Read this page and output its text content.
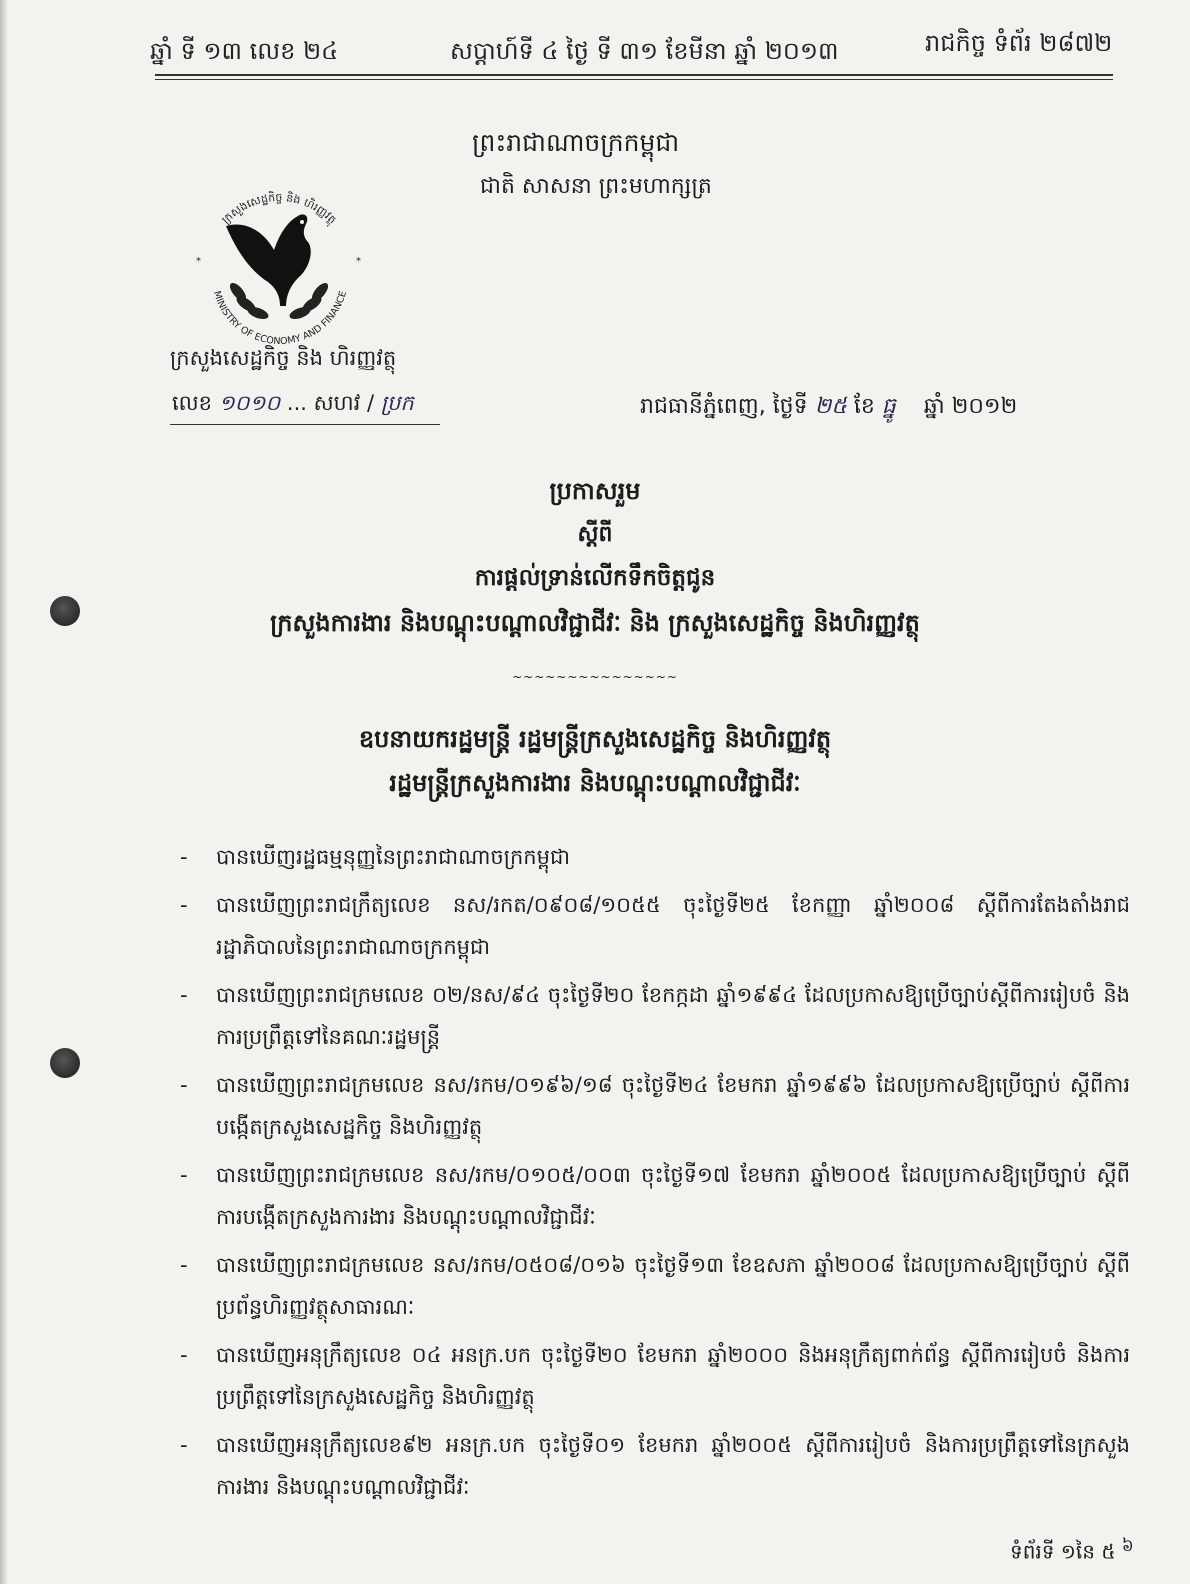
ឆ្នាំ ទី ១៣ លេខ ២៤	សប្តាហ៍ទី ៤ ថ្ងៃ ទី ៣១ ខែមីនា ឆ្នាំ ២០១៣	រាជកិច្ច ទំព័រ ២៨៧២
ព្រះរាជាណាចក្រកម្ពុជា
ជាតិ សាសនា ព្រះមហាក្សត្រ
ក្រសួងសេដ្ឋកិច្ច និង ហិរញ្ញវត្ថុ
MINISTRY OF ECONOMY AND FINANCE
*
*
ក្រសួងសេដ្ឋកិច្ច និង ហិរញ្ញវត្ថុ
លេខ ១០១០ ... សហវ / ប្រក	រាជធានីភ្នំពេញ, ថ្ងៃទី ២៥ ខែ ធ្នូ ឆ្នាំ ២០១២
ប្រកាសរួម
ស្តីពី
ការផ្តល់ទ្រាន់លើកទឹកចិត្តជូន
ក្រសួងការងារ និងបណ្តុះបណ្តាលវិជ្ជាជីវៈ និង ក្រសួងសេដ្ឋកិច្ច និងហិរញ្ញវត្ថុ
~~~~~~~~~~~~~~~
ឧបនាយករដ្ឋមន្ត្រី រដ្ឋមន្ត្រីក្រសួងសេដ្ឋកិច្ច និងហិរញ្ញវត្ថុ
រដ្ឋមន្ត្រីក្រសួងការងារ និងបណ្តុះបណ្តាលវិជ្ជាជីវៈ
-	បានឃើញរដ្ឋធម្មនុញ្ញនៃព្រះរាជាណាចក្រកម្ពុជា
-	បានឃើញព្រះរាជក្រឹត្យលេខ នស/រកត/០៩០៨/១០៥៥ ចុះថ្ងៃទី២៥ ខែកញ្ញា ឆ្នាំ២០០៨ ស្តីពីការតែងតាំងរាជរដ្ឋាភិបាលនៃព្រះរាជាណាចក្រកម្ពុជា
-	បានឃើញព្រះរាជក្រមលេខ ០២/នស/៩៤ ចុះថ្ងៃទី២០ ខែកក្កដា ឆ្នាំ១៩៩៤ ដែលប្រកាសឱ្យប្រើច្បាប់ស្តីពីការរៀបចំ និងការប្រព្រឹត្តទៅនៃគណៈរដ្ឋមន្ត្រី
-	បានឃើញព្រះរាជក្រមលេខ នស/រកម/០១៩៦/១៨ ចុះថ្ងៃទី២៤ ខែមករា ឆ្នាំ១៩៩៦ ដែលប្រកាសឱ្យប្រើច្បាប់ ស្តីពីការបង្កើតក្រសួងសេដ្ឋកិច្ច និងហិរញ្ញវត្ថុ
-	បានឃើញព្រះរាជក្រមលេខ នស/រកម/០១០៥/០០៣ ចុះថ្ងៃទី១៧ ខែមករា ឆ្នាំ២០០៥ ដែលប្រកាសឱ្យប្រើច្បាប់ ស្តីពីការបង្កើតក្រសួងការងារ និងបណ្តុះបណ្តាលវិជ្ជាជីវៈ
-	បានឃើញព្រះរាជក្រមលេខ នស/រកម/០៥០៨/០១៦ ចុះថ្ងៃទី១៣ ខែឧសភា ឆ្នាំ២០០៨ ដែលប្រកាសឱ្យប្រើច្បាប់ ស្តីពីប្រព័ន្ធហិរញ្ញវត្ថុសាធារណៈ
-	បានឃើញអនុក្រឹត្យលេខ ០៤ អនក្រ.បក ចុះថ្ងៃទី២០ ខែមករា ឆ្នាំ២០០០ និងអនុក្រឹត្យពាក់ព័ន្ធ ស្តីពីការរៀបចំ និងការប្រព្រឹត្តទៅនៃក្រសួងសេដ្ឋកិច្ច និងហិរញ្ញវត្ថុ
-	បានឃើញអនុក្រឹត្យលេខ៩២ អនក្រ.បក ចុះថ្ងៃទី០១ ខែមករា ឆ្នាំ២០០៥ ស្តីពីការរៀបចំ និងការប្រព្រឹត្តទៅនៃក្រសួងការងារ និងបណ្តុះបណ្តាលវិជ្ជាជីវៈ
ទំព័រទី ១នៃ ៥ $^៦$
